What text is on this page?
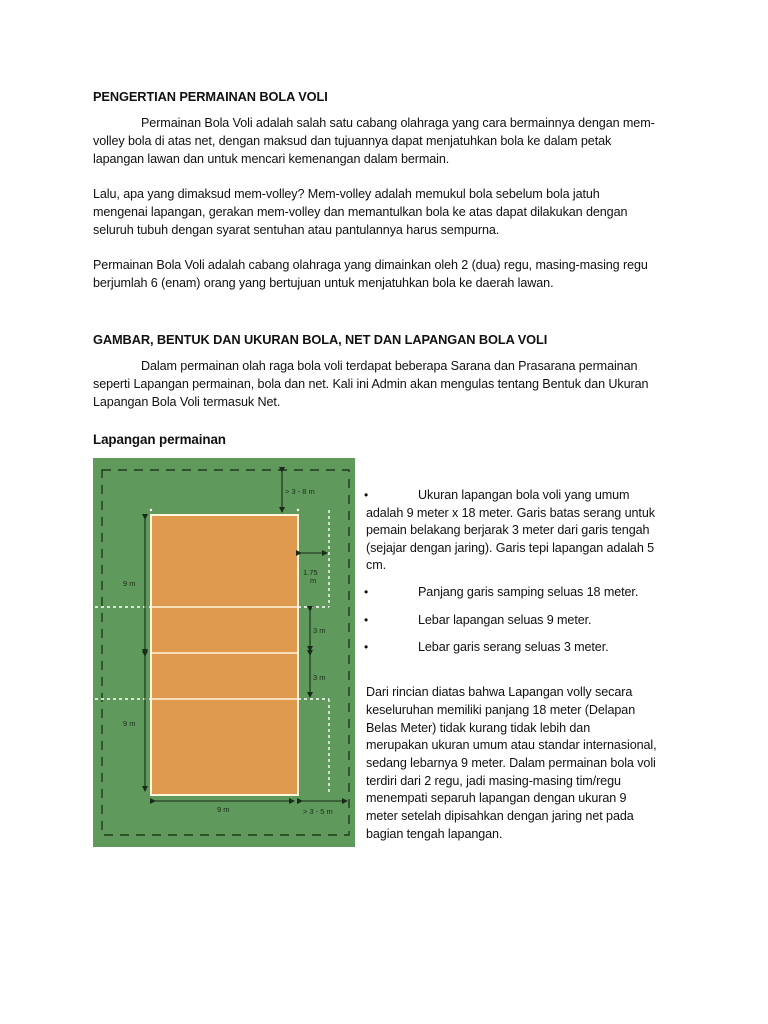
PENGERTIAN PERMAINAN BOLA VOLI
Permainan Bola Voli adalah salah satu cabang olahraga yang cara bermainnya dengan mem-
volley bola di atas net, dengan maksud dan tujuannya dapat menjatuhkan bola ke dalam petak
lapangan lawan dan untuk mencari kemenangan dalam bermain.
Lalu, apa yang dimaksud mem-volley? Mem-volley adalah memukul bola sebelum bola jatuh
mengenai lapangan, gerakan mem-volley dan memantulkan bola ke atas dapat dilakukan dengan
seluruh tubuh dengan syarat sentuhan atau pantulannya harus sempurna.
Permainan Bola Voli adalah cabang olahraga yang dimainkan oleh 2 (dua) regu, masing-masing regu
berjumlah 6 (enam) orang yang bertujuan untuk menjatuhkan bola ke daerah lawan.
GAMBAR, BENTUK DAN UKURAN BOLA, NET DAN LAPANGAN BOLA VOLI
Dalam permainan olah raga bola voli terdapat beberapa Sarana dan Prasarana permainan
seperti Lapangan permainan, bola dan net. Kali ini Admin akan mengulas tentang Bentuk dan Ukuran
Lapangan Bola Voli termasuk Net.
Lapangan permainan
> 3 - 8 m
9 m
1.75
m
3 m
3 m
9 m
9 m	> 3 - 5 m
•	Ukuran lapangan bola voli yang umum
adalah 9 meter x 18 meter. Garis batas serang untuk
pemain belakang berjarak 3 meter dari garis tengah
(sejajar dengan jaring). Garis tepi lapangan adalah 5
cm.
•	Panjang garis samping seluas 18 meter.
•	Lebar lapangan seluas 9 meter.
•	Lebar garis serang seluas 3 meter.
Dari rincian diatas bahwa Lapangan volly secara
keseluruhan memiliki panjang 18 meter (Delapan
Belas Meter) tidak kurang tidak lebih dan
merupakan ukuran umum atau standar internasional,
sedang lebarnya 9 meter. Dalam permainan bola voli
terdiri dari 2 regu, jadi masing-masing tim/regu
menempati separuh lapangan dengan ukuran 9
meter setelah dipisahkan dengan jaring net pada
bagian tengah lapangan.
